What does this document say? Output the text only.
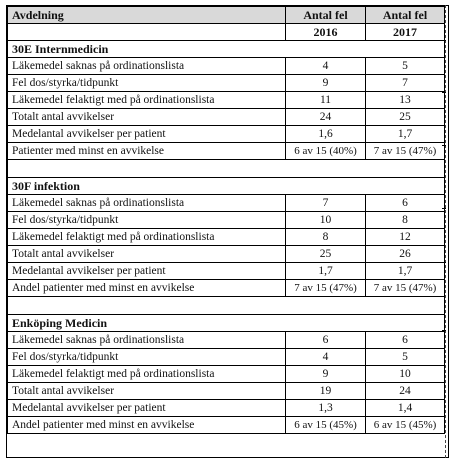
Avdelning	Antal fel	Antal fel
	2016	2017
30E Internmedicin		
Läkemedel saknas på ordinationslista	4	5
Fel dos/styrka/tidpunkt	9	7
Läkemedel felaktigt med på ordinationslista	11	13
Totalt antal avvikelser	24	25
Medelantal avvikelser per patient	1,6	1,7
Patienter med minst en avvikelse	6 av 15 (40%)	7 av 15 (47%)

30F infektion		
Läkemedel saknas på ordinationslista	7	6
Fel dos/styrka/tidpunkt	10	8
Läkemedel felaktigt med på ordinationslista	8	12
Totalt antal avvikelser	25	26
Medelantal avvikelser per patient	1,7	1,7
Andel patienter med minst en avvikelse	7 av 15 (47%)	7 av 15 (47%)

Enköping Medicin		
Läkemedel saknas på ordinationslista	6	6
Fel dos/styrka/tidpunkt	4	5
Läkemedel felaktigt med på ordinationslista	9	10
Totalt antal avvikelser	19	24
Medelantal avvikelser per patient	1,3	1,4
Andel patienter med minst en avvikelse	6 av 15 (45%)	6 av 15 (45%)
